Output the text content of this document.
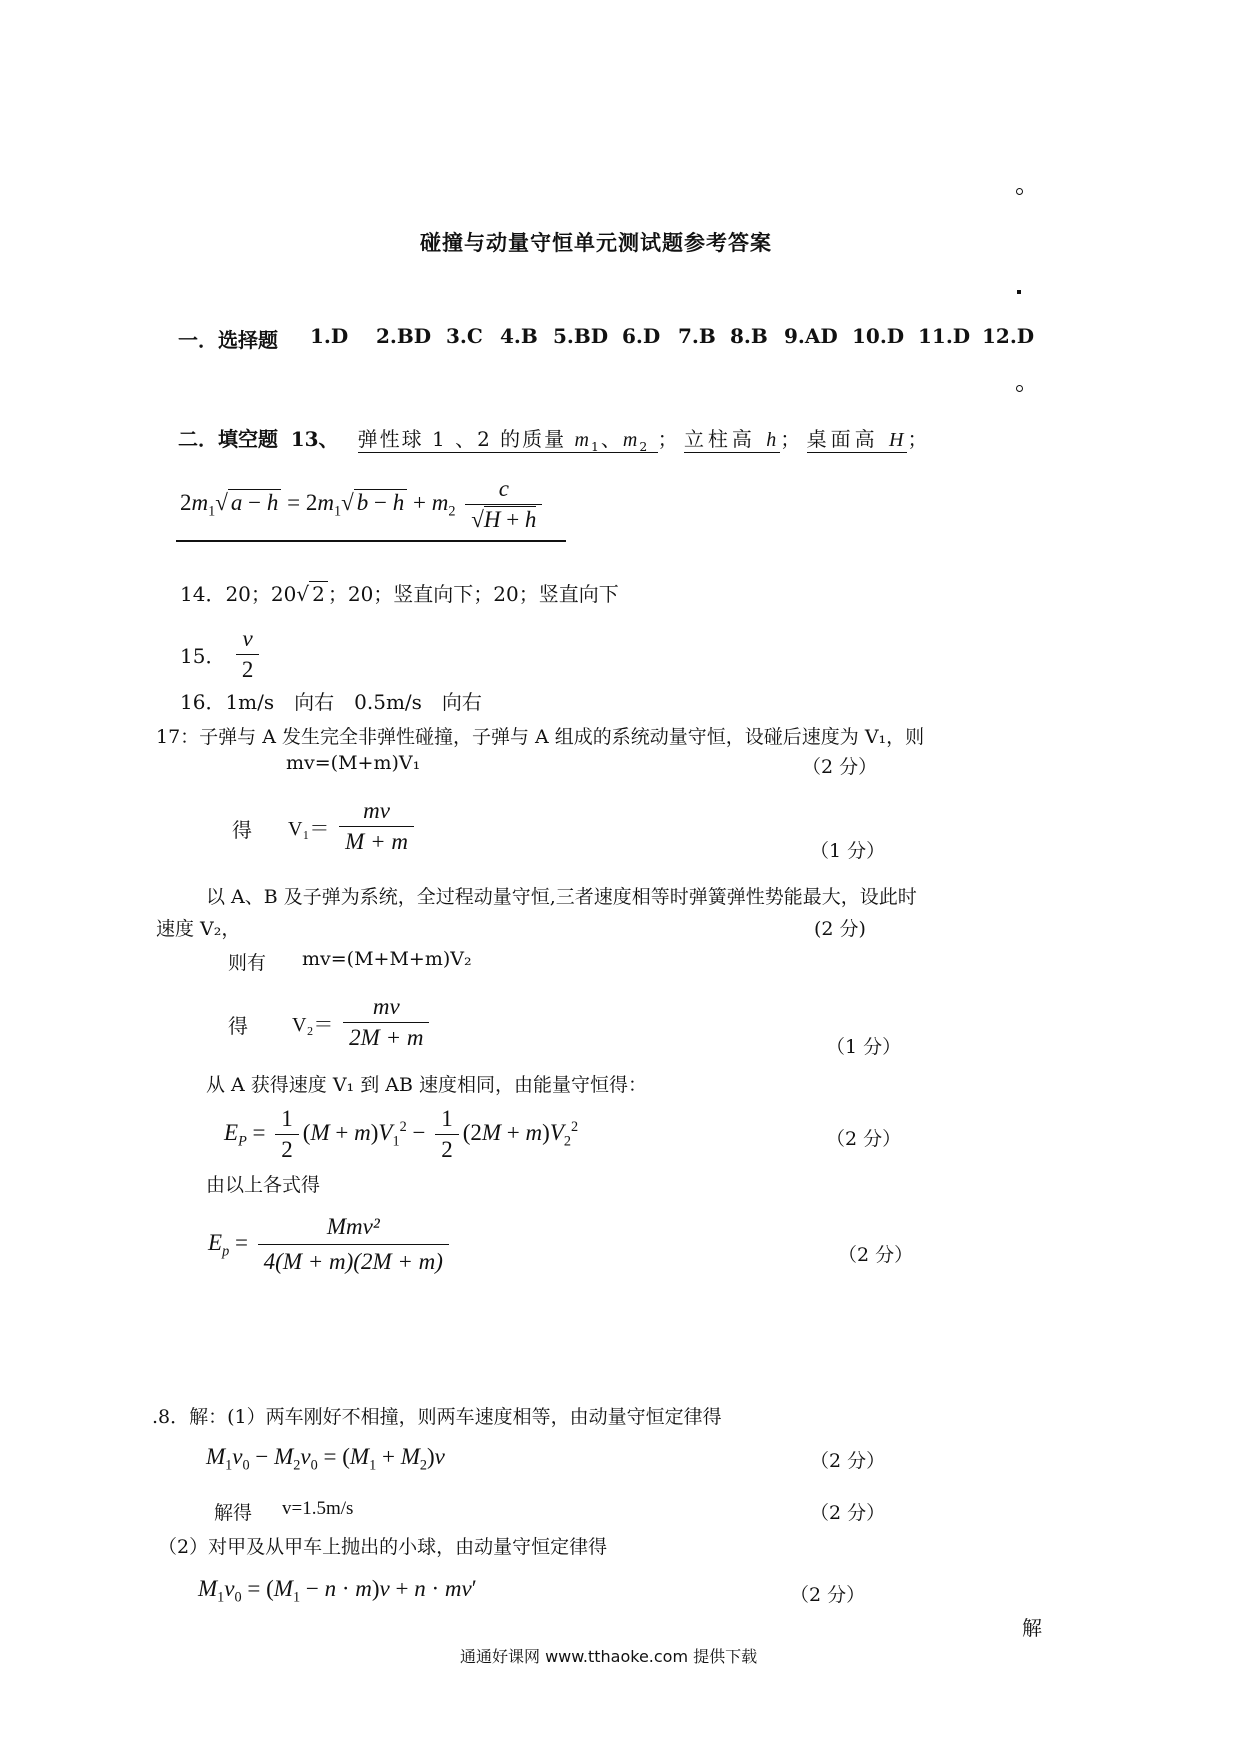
碰撞与动量守恒单元测试题参考答案
一．选择题 1.D 2.BD 3.C 4.B 5.BD 6.D 7.B 8.B 9.AD 10.D 11.D 12.D
二．填空题 13、 弹性球 1 、2 的质量 $m_1$、$m_2$ ； 立柱高 h； 桌面高 H；
$2m_1√$ $a - h = 2m_1√$ $b - h + m_2 \frac{c}{√H + h}$
14．20；20√ 2 ；20；竖直向下；20；竖直向下
15． $\frac{v}{2}$
16．1m/s　向右　0.5m/s　向右
17：子弹与 A 发生完全非弹性碰撞，子弹与 A 组成的系统动量守恒，设碰后速度为 V₁，则
mv=(M+m)V₁	（2 分）
得 $V_1= \frac{mv}{M + m}$	（1 分）
以 A、B 及子弹为系统，全过程动量守恒,三者速度相等时弹簧弹性势能最大，设此时
速度 V₂，	(2 分)
则有 mv=(M+M+m)V₂
得 $V_2= \frac{mv}{2M + m}$	（1 分）
从 A 获得速度 V₁ 到 AB 速度相同，由能量守恒得：
$E_P = \frac{1}{2} (M + m)V_1^2 - \frac{1}{2} (2M + m)V_2^2$
（2 分）
由以上各式得
$E_p = \frac{\text{Mmv²}}{4(M + m)(2M + m)}$	（2 分）
.8．解：(1）两车刚好不相撞，则两车速度相等，由动量守恒定律得
$M_1v_0 - M_2v_0 = (M_1 + M_2)v$	（2 分）
解得 v=1.5m/s	（2 分）
（2）对甲及从甲车上抛出的小球，由动量守恒定律得
$M_1v_0 = (M_1 - n \cdot m)v + n \cdot mv'$	（2 分）
解
通通好课网 www.tthaoke.com 提供下载
